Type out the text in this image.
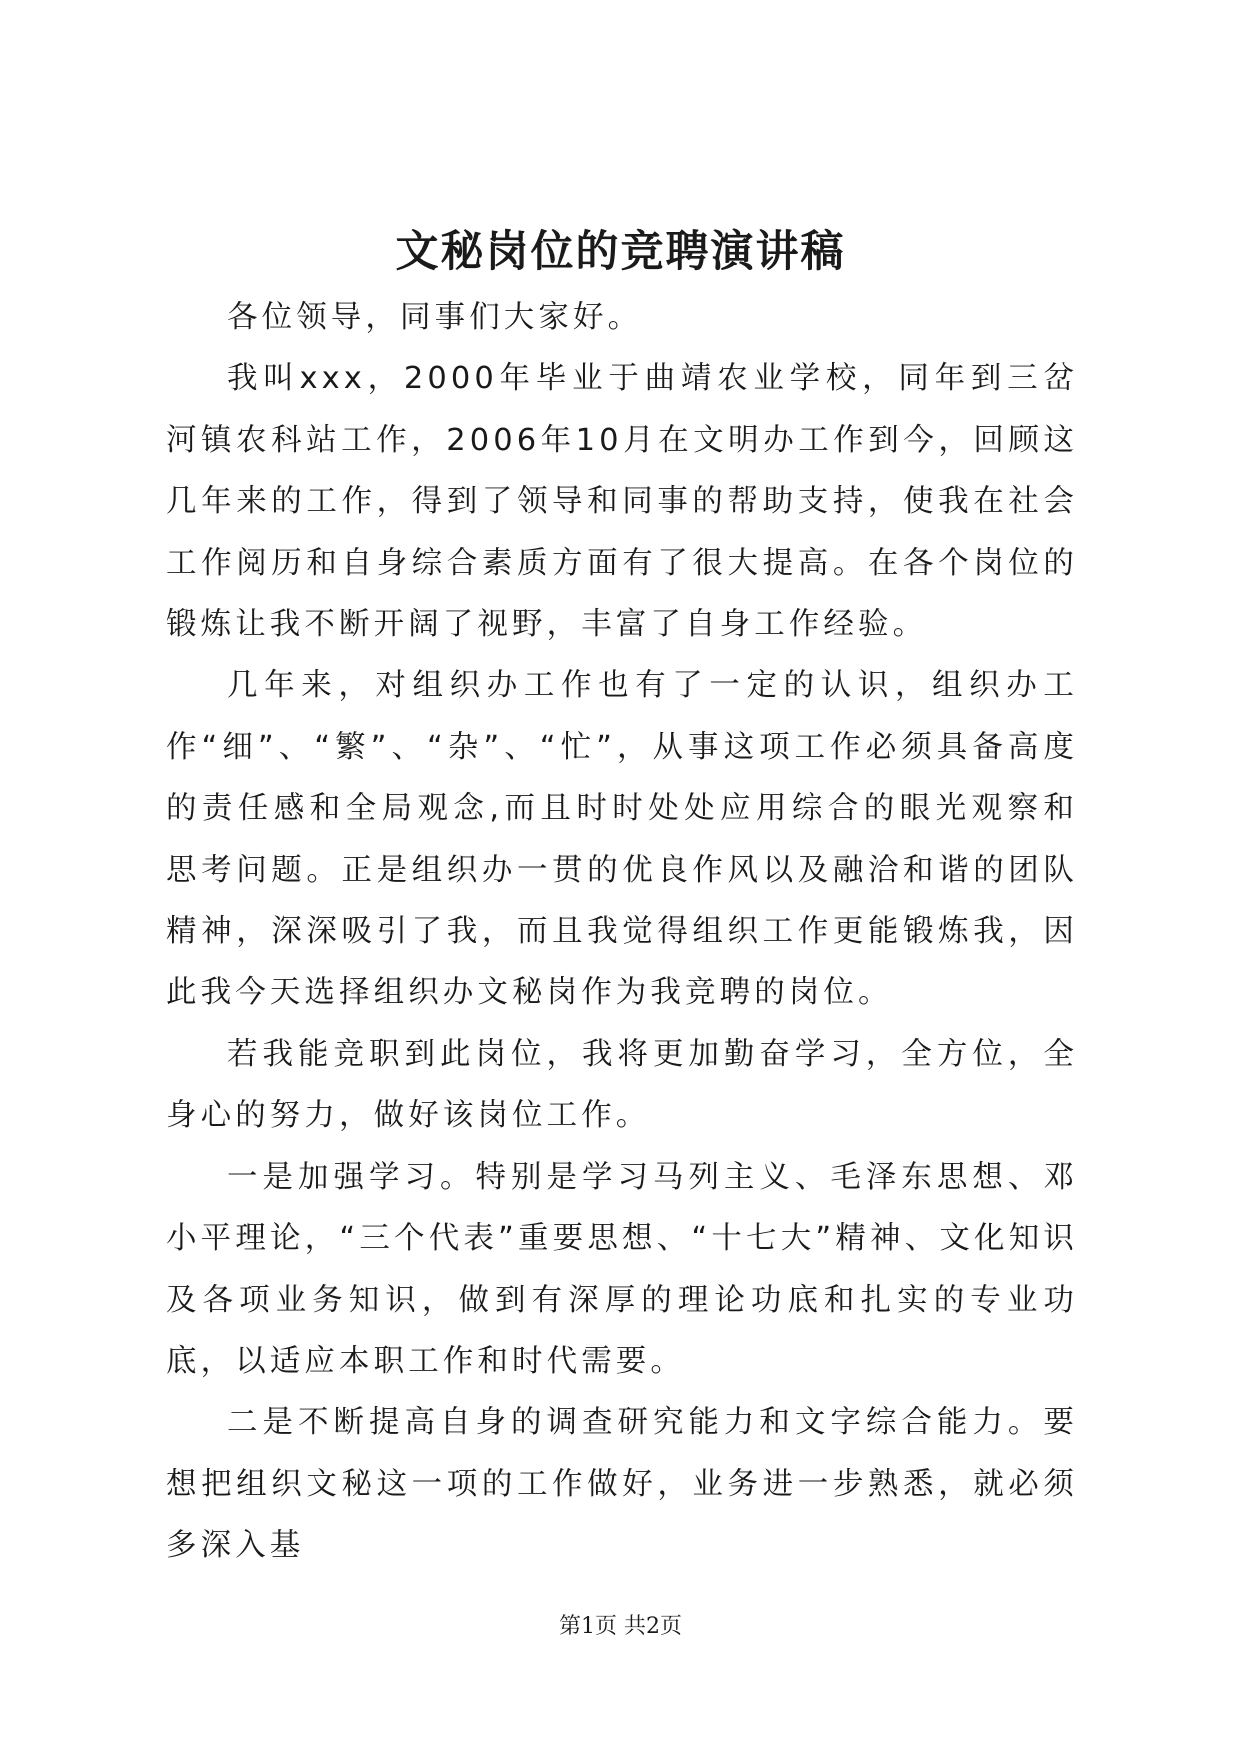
文秘岗位的竞聘演讲稿

各位领导，同事们大家好。

我叫xxx，2000年毕业于曲靖农业学校，同年到三岔河镇农科站工作，2006年10月在文明办工作到今，回顾这几年来的工作，得到了领导和同事的帮助支持，使我在社会工作阅历和自身综合素质方面有了很大提高。在各个岗位的锻炼让我不断开阔了视野，丰富了自身工作经验。

几年来，对组织办工作也有了一定的认识，组织办工作“细”、“繁”、“杂”、“忙”，从事这项工作必须具备高度的责任感和全局观念,而且时时处处应用综合的眼光观察和思考问题。正是组织办一贯的优良作风以及融洽和谐的团队精神，深深吸引了我，而且我觉得组织工作更能锻炼我，因此我今天选择组织办文秘岗作为我竞聘的岗位。

若我能竞职到此岗位，我将更加勤奋学习，全方位，全身心的努力，做好该岗位工作。

一是加强学习。特别是学习马列主义、毛泽东思想、邓小平理论，“三个代表”重要思想、“十七大”精神、文化知识及各项业务知识，做到有深厚的理论功底和扎实的专业功底，以适应本职工作和时代需要。

二是不断提高自身的调查研究能力和文字综合能力。要想把组织文秘这一项的工作做好，业务进一步熟悉，就必须多深入基

第1页 共2页
